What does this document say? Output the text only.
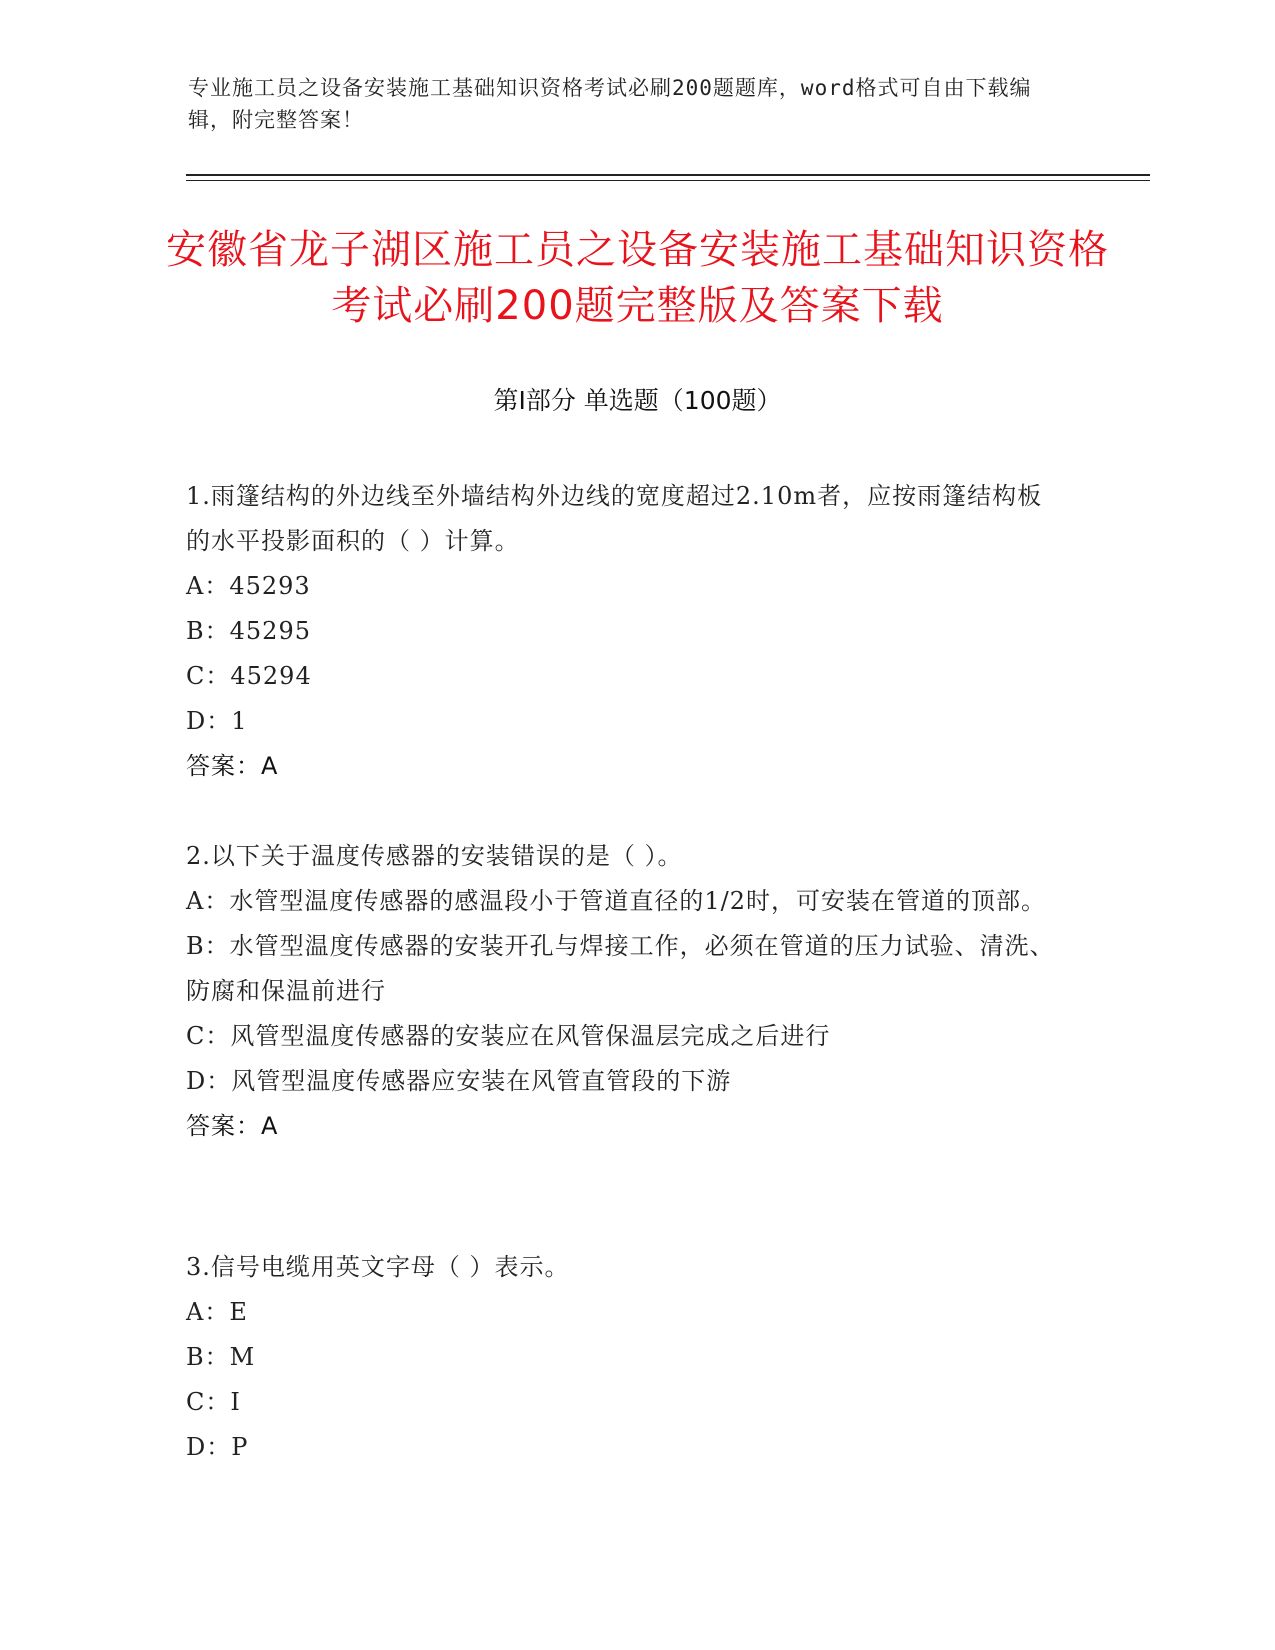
专业施工员之设备安装施工基础知识资格考试必刷200题题库，word格式可自由下载编辑，附完整答案！
安徽省龙子湖区施工员之设备安装施工基础知识资格考试必刷200题完整版及答案下载
第Ⅰ部分 单选题（100题）
1.雨篷结构的外边线至外墙结构外边线的宽度超过2.10m者，应按雨篷结构板的水平投影面积的（ ）计算。
A：45293
B：45295
C：45294
D：1
答案：A
2.以下关于温度传感器的安装错误的是（ ）。
A：水管型温度传感器的感温段小于管道直径的1/2时，可安装在管道的顶部。
B：水管型温度传感器的安装开孔与焊接工作，必须在管道的压力试验、清洗、防腐和保温前进行
C：风管型温度传感器的安装应在风管保温层完成之后进行
D：风管型温度传感器应安装在风管直管段的下游
答案：A
3.信号电缆用英文字母（ ）表示。
A：E
B：M
C：I
D：P
